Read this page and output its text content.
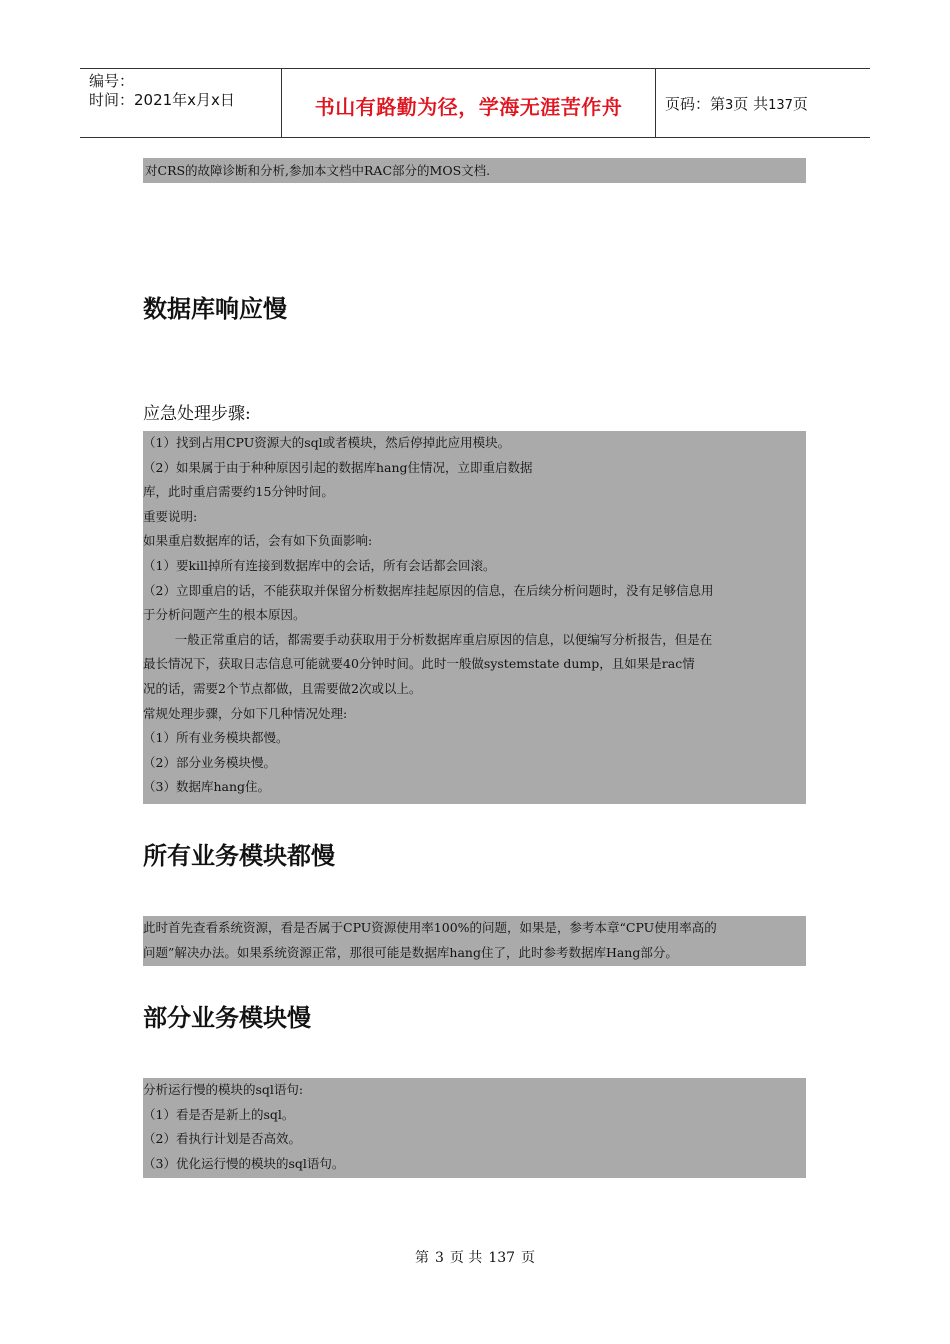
编号：
时间：2021年x月x日	书山有路勤为径，学海无涯苦作舟	页码：第3页 共137页

对CRS的故障诊断和分析,参加本文档中RAC部分的MOS文档.

数据库响应慢
应急处理步骤:

（1）找到占用CPU资源大的sql或者模块，然后停掉此应用模块。

（2）如果属于由于种种原因引起的数据库hang住情况，立即重启数据

库，此时重启需要约15分钟时间。

重要说明:

如果重启数据库的话，会有如下负面影响:

（1）要kill掉所有连接到数据库中的会话，所有会话都会回滚。

（2）立即重启的话，不能获取并保留分析数据库挂起原因的信息，在后续分析问题时，没有足够信息用

于分析问题产生的根本原因。

一般正常重启的话，都需要手动获取用于分析数据库重启原因的信息，以便编写分析报告，但是在

最长情况下，获取日志信息可能就要40分钟时间。此时一般做systemstate dump，且如果是rac情

况的话，需要2个节点都做，且需要做2次或以上。

常规处理步骤，分如下几种情况处理:

（1）所有业务模块都慢。

（2）部分业务模块慢。

（3）数据库hang住。

所有业务模块都慢

此时首先查看系统资源，看是否属于CPU资源使用率100%的问题，如果是，参考本章“CPU使用率高的

问题”解决办法。如果系统资源正常，那很可能是数据库hang住了，此时参考数据库Hang部分。

部分业务模块慢

分析运行慢的模块的sql语句:

（1）看是否是新上的sql。

（2）看执行计划是否高效。

（3）优化运行慢的模块的sql语句。

第 3 页 共 137 页
